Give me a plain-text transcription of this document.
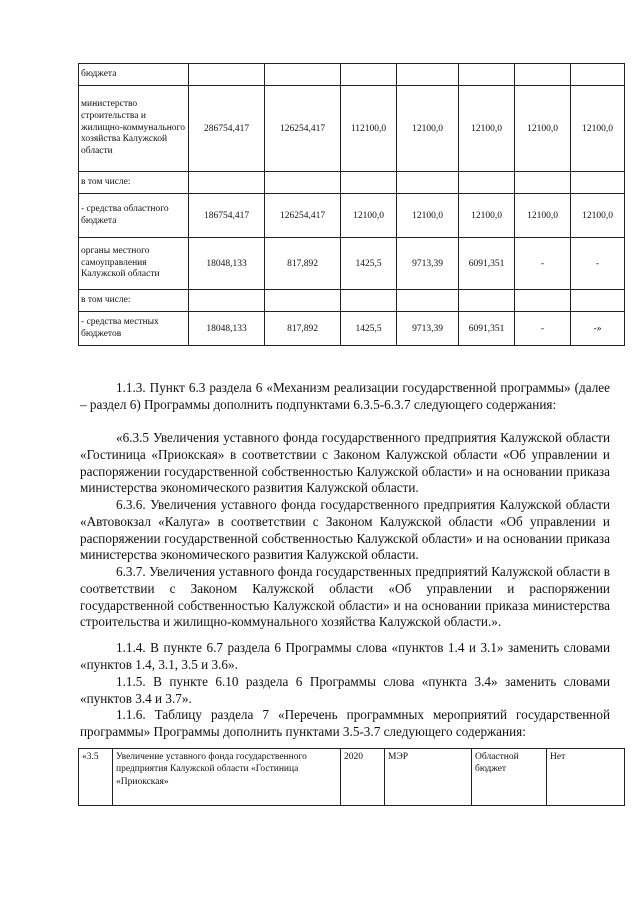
бюджета							
министерство строительства и жилищно-коммунального хозяйства Калужской области	286754,417	126254,417	112100,0	12100,0	12100,0	12100,0	12100,0
в том числе:							
- средства областного бюджета	186754,417	126254,417	12100,0	12100,0	12100,0	12100,0	12100,0
органы местного самоуправления Калужской области	18048,133	817,892	1425,5	9713,39	6091,351	-	-
в том числе:							
- средства местных бюджетов	18048,133	817,892	1425,5	9713,39	6091,351	-	-»

1.1.3. Пункт 6.3 раздела 6 «Механизм реализации государственной программы» (далее – раздел 6) Программы дополнить подпунктами 6.3.5-6.3.7 следующего содержания:

«6.3.5 Увеличения уставного фонда государственного предприятия Калужской области «Гостиница «Приокская» в соответствии с Законом Калужской области «Об управлении и распоряжении государственной собственностью Калужской области» и на основании приказа министерства экономического развития Калужской области.

6.3.6. Увеличения уставного фонда государственного предприятия Калужской области «Автовокзал «Калуга» в соответствии с Законом Калужской области «Об управлении и распоряжении государственной собственностью Калужской области» и на основании приказа министерства экономического развития Калужской области.

6.3.7. Увеличения уставного фонда государственных предприятий Калужской области в соответствии с Законом Калужской области «Об управлении и распоряжении государственной собственностью Калужской области» и на основании приказа министерства строительства и жилищно-коммунального хозяйства Калужской области.».

1.1.4. В пункте 6.7 раздела 6 Программы слова «пунктов 1.4 и 3.1» заменить словами «пунктов 1.4, 3.1, 3.5 и 3.6».

1.1.5. В пункте 6.10 раздела 6 Программы слова «пункта 3.4» заменить словами «пунктов 3.4 и 3.7».

1.1.6. Таблицу раздела 7 «Перечень программных мероприятий государственной программы» Программы дополнить пунктами 3.5-3.7 следующего содержания:

«3.5	Увеличение уставного фонда государственного предприятия Калужской области «Гостиница «Приокская»	2020	МЭР	Областной бюджет	Нет
